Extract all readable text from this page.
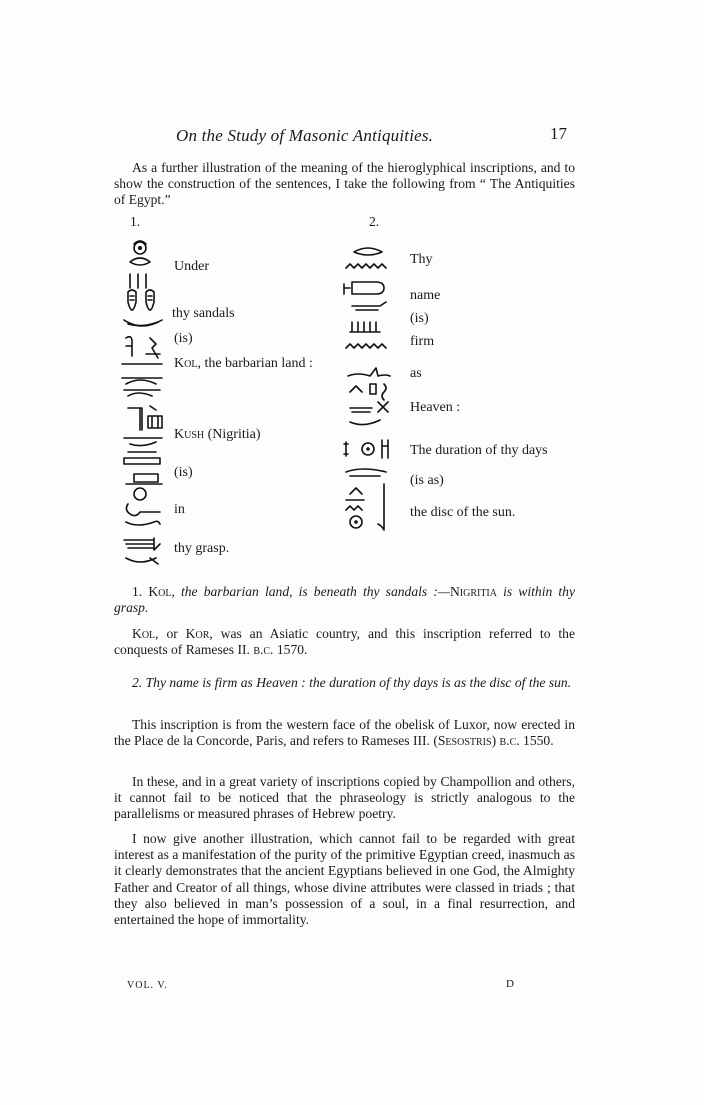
On the Study of Masonic Antiquities.	17

As a further illustration of the meaning of the hieroglyphical inscriptions, and to show the construction of the sentences, I take the following from “ The Antiquities of Egypt.”

1.
Under
thy sandals
(is)
Kol, the barbarian land :
Kush (Nigritia)
(is)
in
thy grasp.
2.
Thy
name
(is)
firm
as
Heaven :
The duration of thy days
(is as)
the disc of the sun.

1. Kol, the barbarian land, is beneath thy sandals :—Nigritia is within thy grasp.

Kol, or Kor, was an Asiatic country, and this inscription referred to the conquests of Rameses II. b.c. 1570.

2. Thy name is firm as Heaven : the duration of thy days is as the disc of the sun.

This inscription is from the western face of the obelisk of Luxor, now erected in the Place de la Concorde, Paris, and refers to Rameses III. (Sesostris) b.c. 1550.

In these, and in a great variety of inscriptions copied by Champollion and others, it cannot fail to be noticed that the phraseology is strictly analogous to the parallelisms or measured phrases of Hebrew poetry.

I now give another illustration, which cannot fail to be regarded with great interest as a manifestation of the purity of the primitive Egyptian creed, inasmuch as it clearly demonstrates that the ancient Egyptians believed in one God, the Almighty Father and Creator of all things, whose divine attributes were classed in triads ; that they also believed in man’s possession of a soul, in a final resurrection, and entertained the hope of immortality.

VOL. V.	D
